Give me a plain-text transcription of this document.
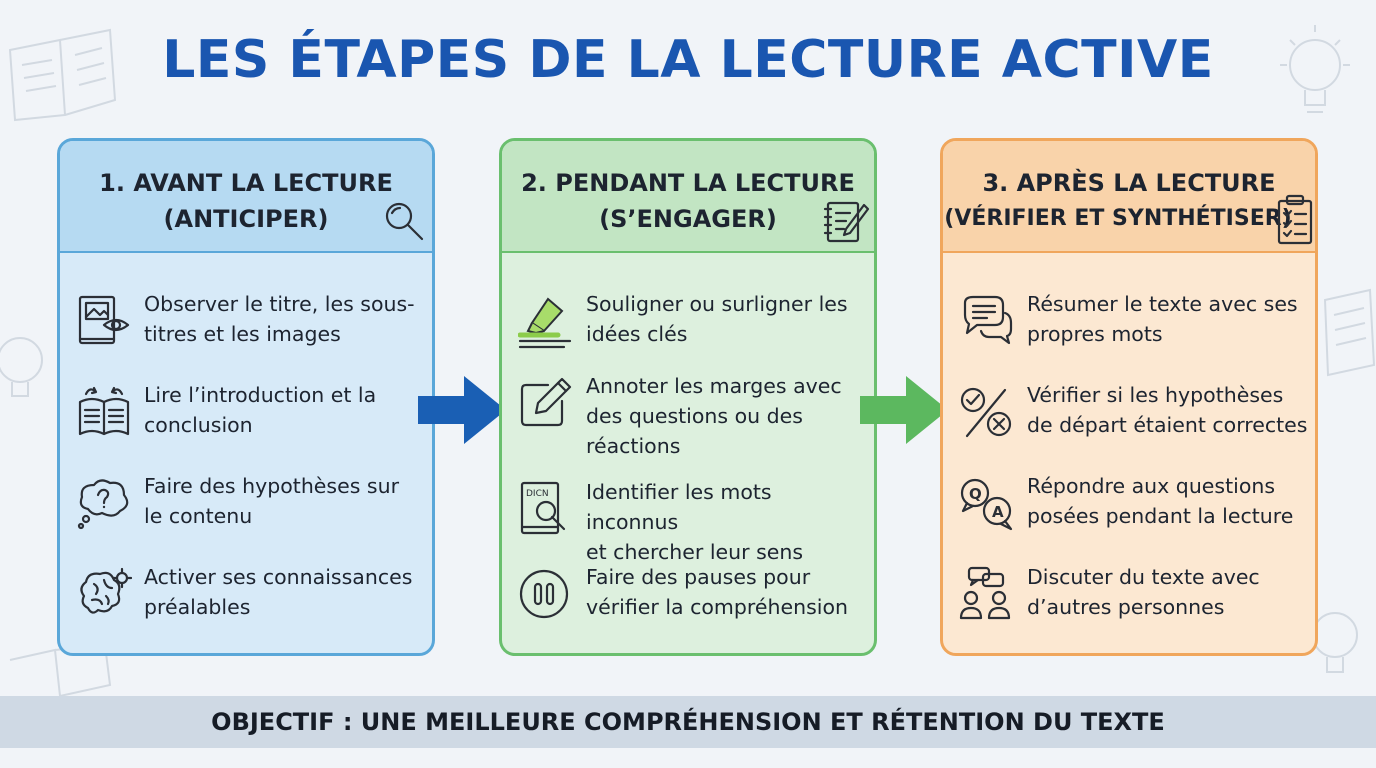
LES ÉTAPES DE LA LECTURE ACTIVE
1. AVANT LA LECTURE
(ANTICIPER)
Observer le titre, les sous-
titres et les images
Lire l’introduction et la
conclusion
Faire des hypothèses sur
le contenu
Activer ses connaissances
préalables
2. PENDANT LA LECTURE
(S’ENGAGER)
Souligner ou surligner les
idées clés
Annoter les marges avec
des questions ou des
réactions
DICN Identifier les mots inconnus
et chercher leur sens
Faire des pauses pour
vérifier la compréhension
3. APRÈS LA LECTURE
(VÉRIFIER ET SYNTHÉTISER)
Résumer le texte avec ses
propres mots
Vérifier si les hypothèses
de départ étaient correctes
Q
A
Répondre aux questions
posées pendant la lecture
Discuter du texte avec
d’autres personnes
OBJECTIF : UNE MEILLEURE COMPRÉHENSION ET RÉTENTION DU TEXTE
